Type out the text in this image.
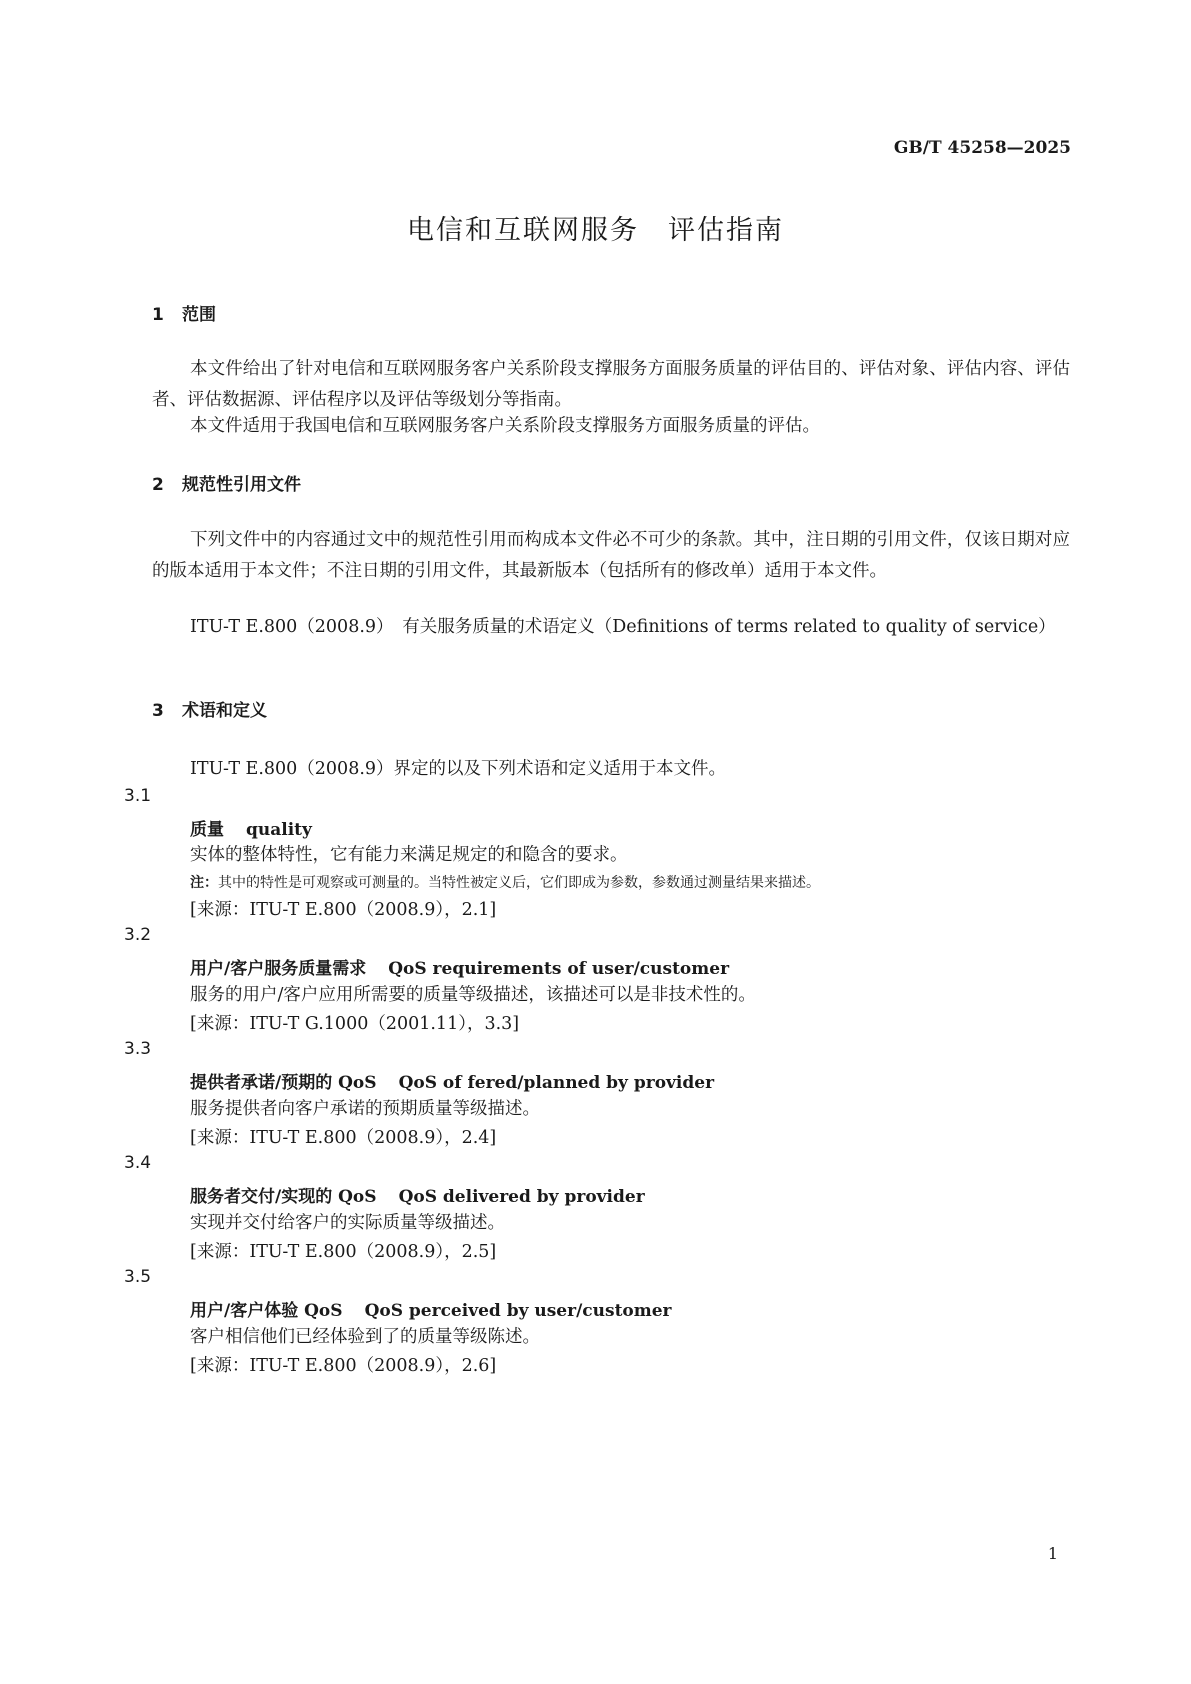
GB/T 45258—2025
电信和互联网服务　评估指南
1 范围
本文件给出了针对电信和互联网服务客户关系阶段支撑服务方面服务质量的评估目的、评估对象、评估内容、评估者、评估数据源、评估程序以及评估等级划分等指南。
本文件适用于我国电信和互联网服务客户关系阶段支撑服务方面服务质量的评估。
2 规范性引用文件
下列文件中的内容通过文中的规范性引用而构成本文件必不可少的条款。其中，注日期的引用文件，仅该日期对应的版本适用于本文件；不注日期的引用文件，其最新版本（包括所有的修改单）适用于本文件。
ITU-T E.800（2008.9）　有关服务质量的术语定义（Definitions of terms related to quality of service）
3 术语和定义
ITU-T E.800（2008.9）界定的以及下列术语和定义适用于本文件。
3.1
质量 quality
实体的整体特性，它有能力来满足规定的和隐含的要求。
注：其中的特性是可观察或可测量的。当特性被定义后，它们即成为参数，参数通过测量结果来描述。
[来源：ITU-T E.800（2008.9），2.1]
3.2
用户/客户服务质量需求 QoS requirements of user/customer
服务的用户/客户应用所需要的质量等级描述，该描述可以是非技术性的。
[来源：ITU-T G.1000（2001.11），3.3]
3.3
提供者承诺/预期的 QoS QoS of fered/planned by provider
服务提供者向客户承诺的预期质量等级描述。
[来源：ITU-T E.800（2008.9），2.4]
3.4
服务者交付/实现的 QoS QoS delivered by provider
实现并交付给客户的实际质量等级描述。
[来源：ITU-T E.800（2008.9），2.5]
3.5
用户/客户体验 QoS QoS perceived by user/customer
客户相信他们已经体验到了的质量等级陈述。
[来源：ITU-T E.800（2008.9），2.6]
1
